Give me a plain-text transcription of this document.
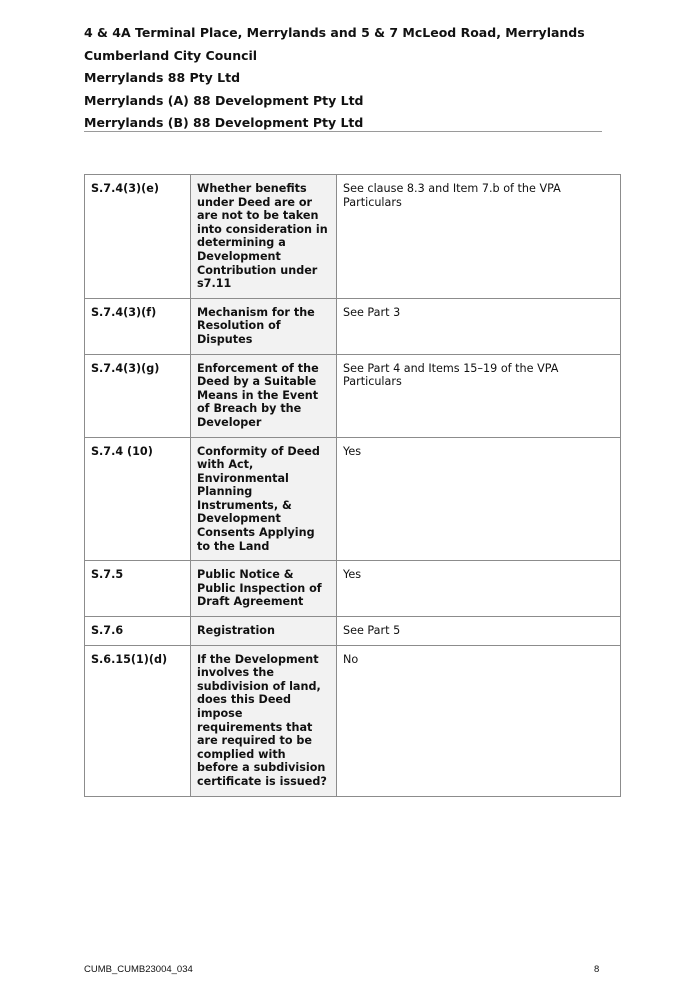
4 & 4A Terminal Place, Merrylands and 5 & 7 McLeod Road, Merrylands
Cumberland City Council
Merrylands 88 Pty Ltd
Merrylands (A) 88 Development Pty Ltd
Merrylands (B) 88 Development Pty Ltd
S.7.4(3)(e)	Whether benefits under Deed are or are not to be taken into consideration in determining a Development Contribution under s7.11	See clause 8.3 and Item 7.b of the VPA Particulars
S.7.4(3)(f)	Mechanism for the Resolution of Disputes	See Part 3
S.7.4(3)(g)	Enforcement of the Deed by a Suitable Means in the Event of Breach by the Developer	See Part 4 and Items 15–19 of the VPA Particulars
S.7.4 (10)	Conformity of Deed with Act, Environmental Planning Instruments, & Development Consents Applying to the Land	Yes
S.7.5	Public Notice & Public Inspection of Draft Agreement	Yes
S.7.6	Registration	See Part 5
S.6.15(1)(d)	If the Development involves the subdivision of land, does this Deed impose requirements that are required to be complied with before a subdivision certificate is issued?	No
CUMB_CUMB23004_034	8
